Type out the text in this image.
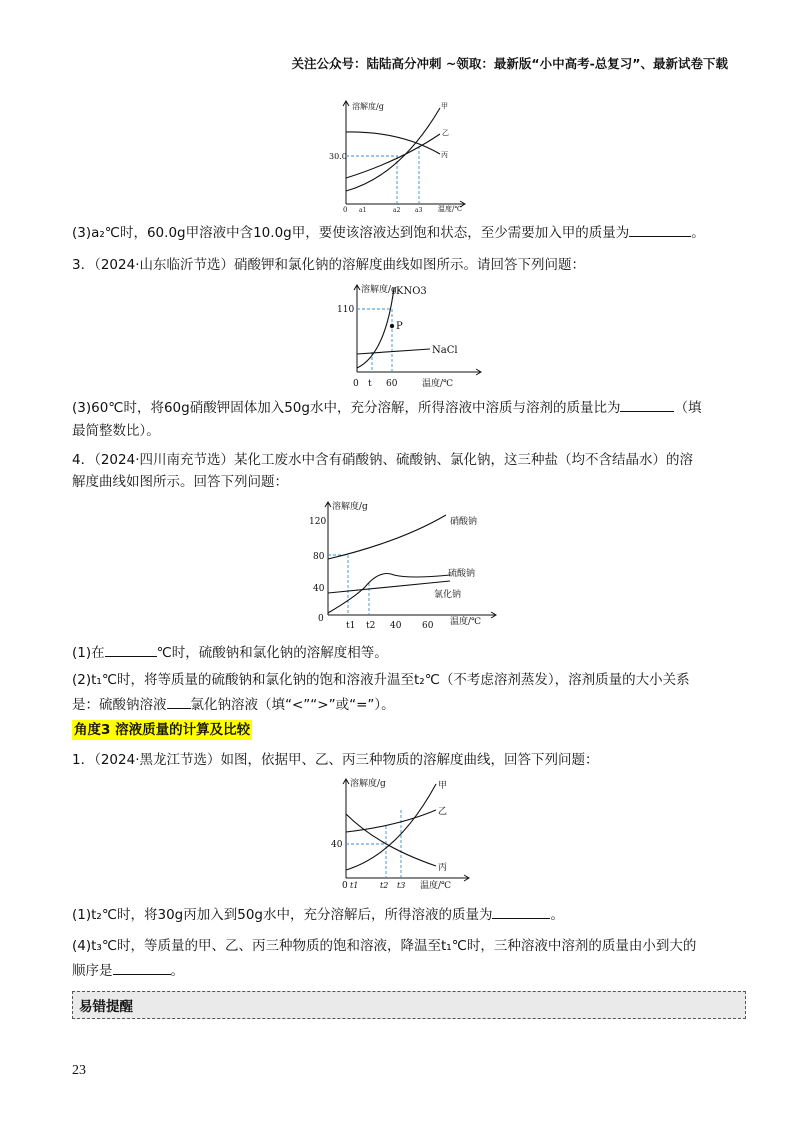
关注公众号：陆陆高分冲刺 ~领取：最新版“小中高考-总复习”、最新试卷下载
溶解度/g
温度/℃
30.0
0 a1	a2 a3
甲
乙
丙
(3)a₂℃时，60.0g甲溶液中含10.0g甲，要使该溶液达到饱和状态，至少需要加入甲的质量为	。
3．（2024·山东临沂节选）硝酸钾和氯化钠的溶解度曲线如图所示。请回答下列问题：
溶解度/g
温度/℃
110
0 t 60
P
KNO3
NaCl
(3)60℃时，将60g硝酸钾固体加入50g水中，充分溶解，所得溶液中溶质与溶剂的质量比为	（填
最简整数比）。
4．（2024·四川南充节选）某化工废水中含有硝酸钠、硫酸钠、氯化钠，这三种盐（均不含结晶水）的溶
解度曲线如图所示。回答下列问题：
溶解度/g
温度/℃
120
80
40
0
t1 t2 40 60
硝酸钠
硫酸钠
氯化钠
(1)在	℃时，硫酸钠和氯化钠的溶解度相等。
(2)t₁℃时，将等质量的硫酸钠和氯化钠的饱和溶液升温至t₂℃（不考虑溶剂蒸发），溶剂质量的大小关系
是：硫酸钠溶液 氯化钠溶液（填“<”“>”或“=”）。
角度3 溶液质量的计算及比较
1．（2024·黑龙江节选）如图，依据甲、乙、丙三种物质的溶解度曲线，回答下列问题：
溶解度/g
温度/℃
40
0 t1	t2 t3
甲
乙
丙
(1)t₂℃时，将30g丙加入到50g水中，充分溶解后，所得溶液的质量为	。
(4)t₃℃时，等质量的甲、乙、丙三种物质的饱和溶液，降温至t₁℃时，三种溶液中溶剂的质量由小到大的
顺序是	。
易错提醒
23
